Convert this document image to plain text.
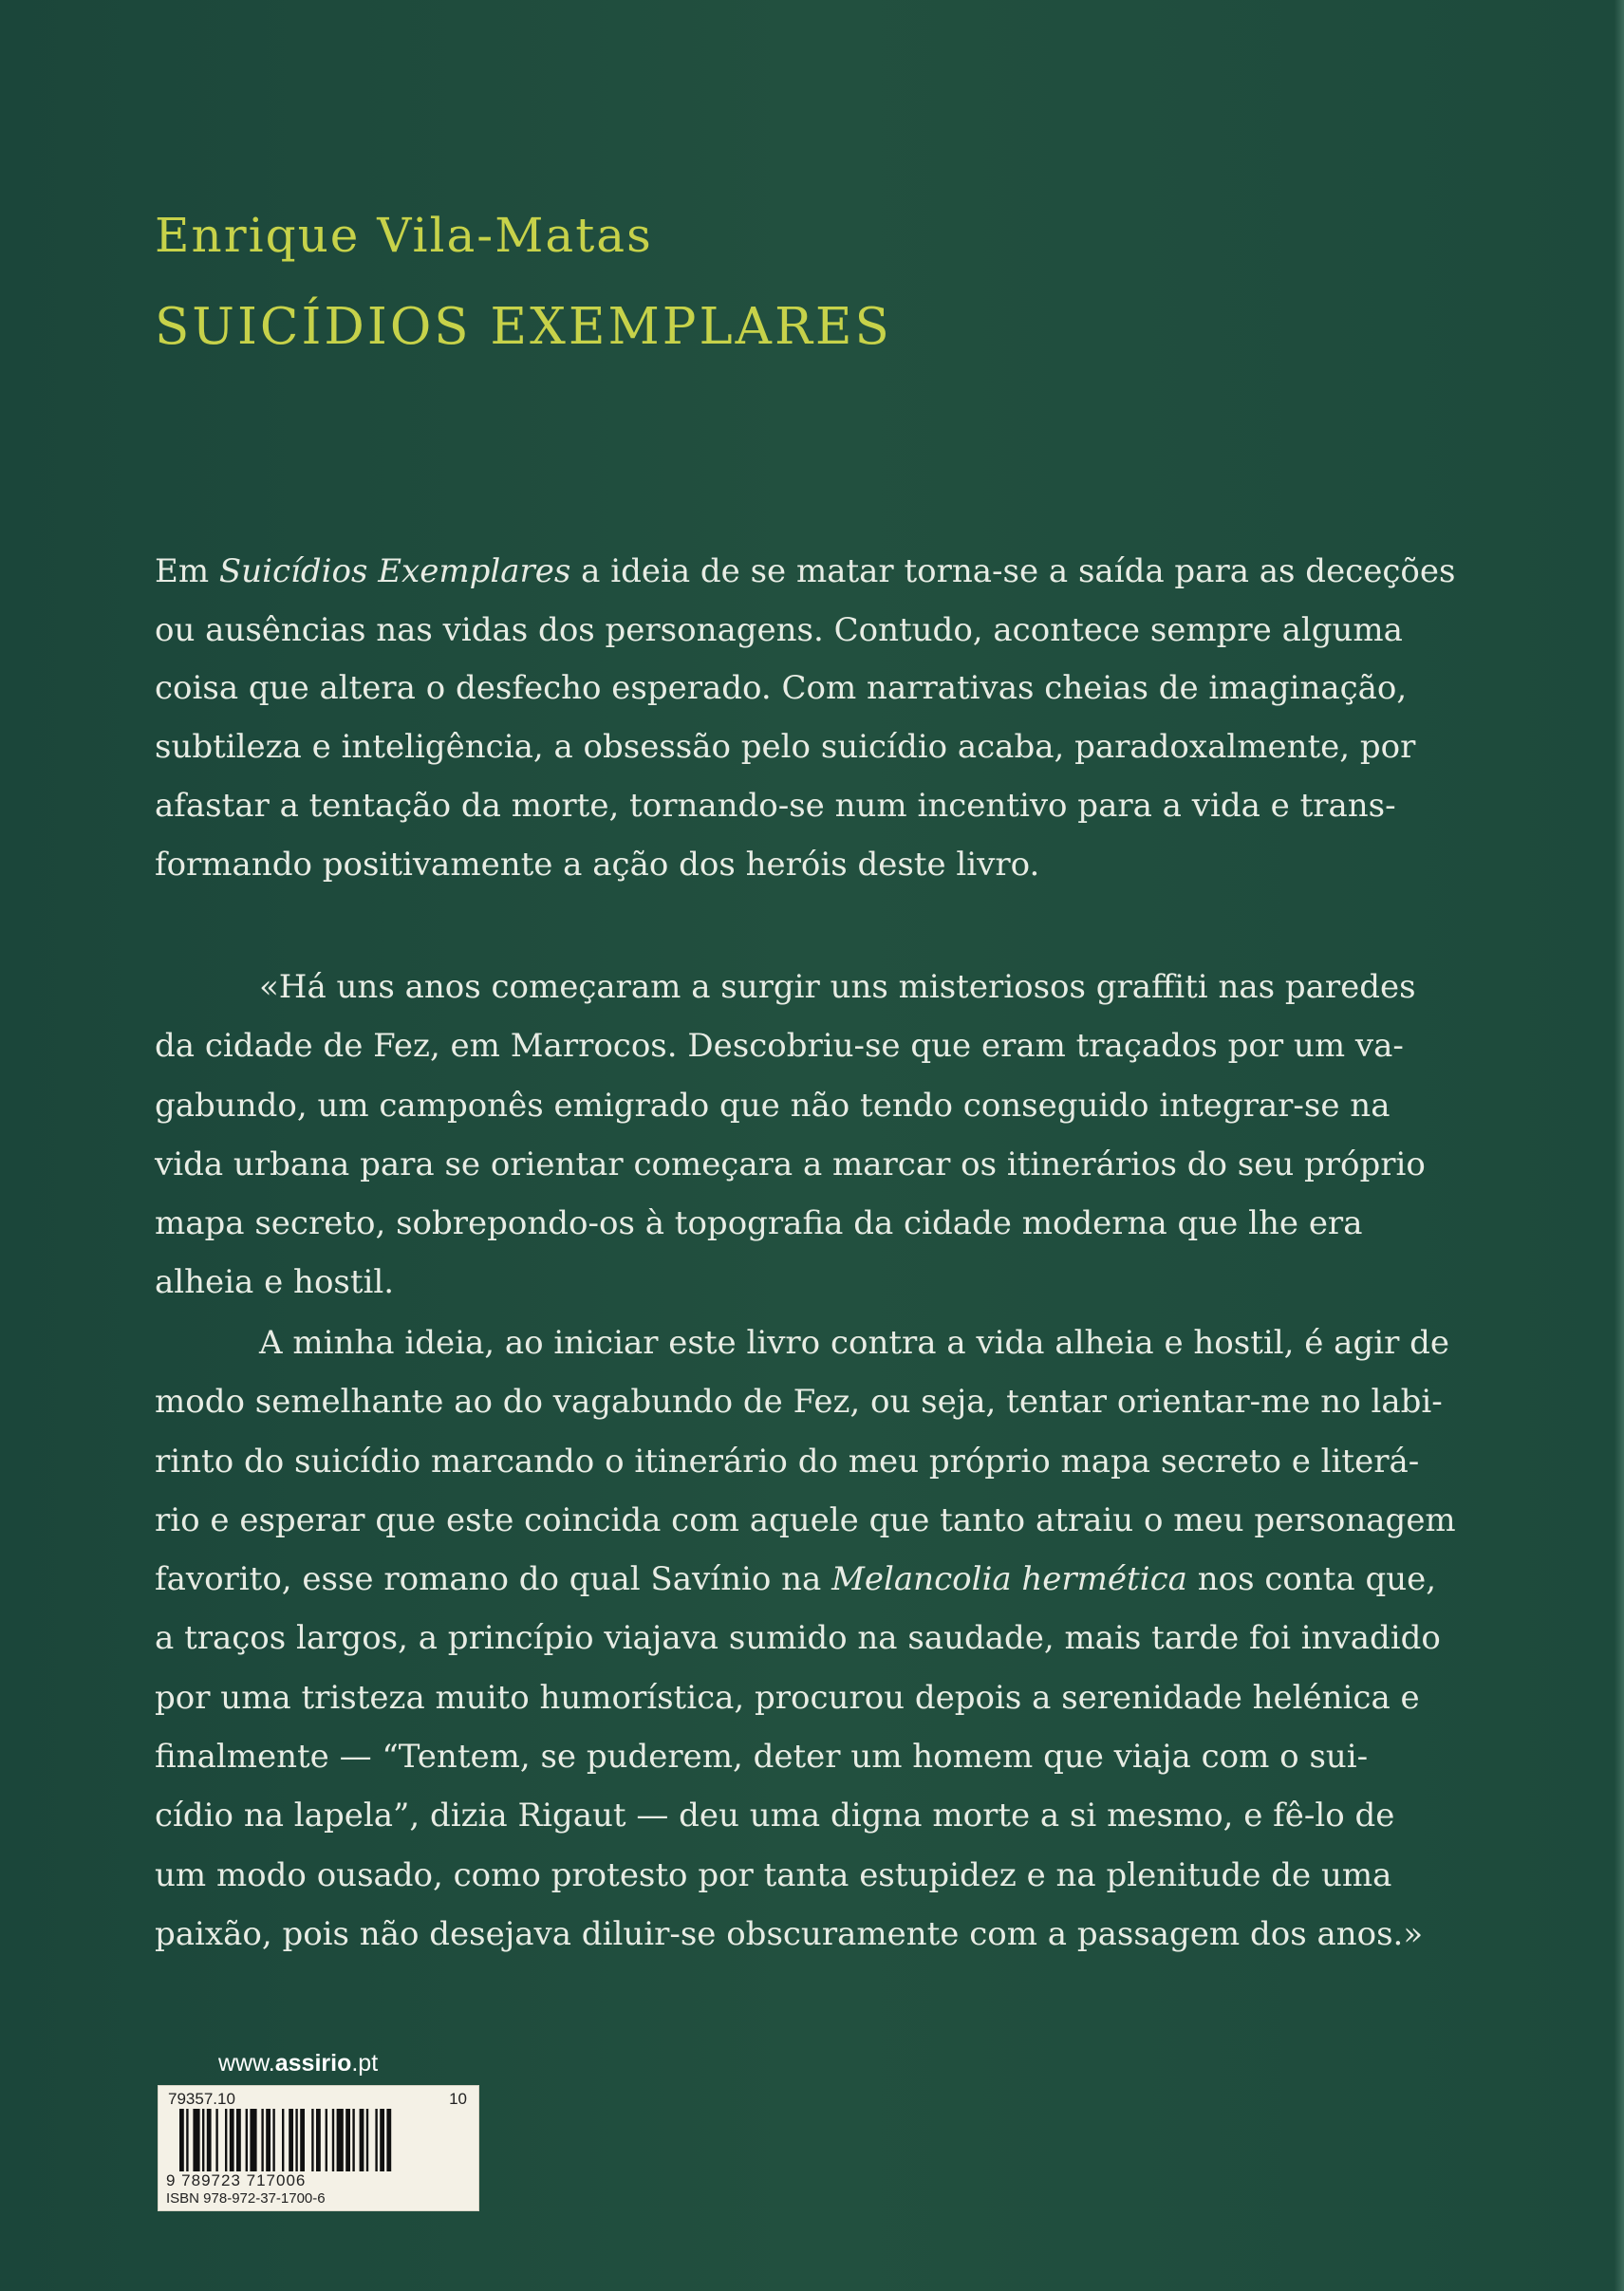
Enrique Vila-Matas
SUICÍDIOS EXEMPLARES
Em Suicídios Exemplares a ideia de se matar torna-se a saída para as deceções
ou ausências nas vidas dos personagens. Contudo, acontece sempre alguma
coisa que altera o desfecho esperado. Com narrativas cheias de imaginação,
subtileza e inteligência, a obsessão pelo suicídio acaba, paradoxalmente, por
afastar a tentação da morte, tornando-se num incentivo para a vida e trans-
formando positivamente a ação dos heróis deste livro.
«Há uns anos começaram a surgir uns misteriosos graffiti nas paredes
da cidade de Fez, em Marrocos. Descobriu-se que eram traçados por um va-
gabundo, um camponês emigrado que não tendo conseguido integrar-se na
vida urbana para se orientar começara a marcar os itinerários do seu próprio
mapa secreto, sobrepondo-os à topografia da cidade moderna que lhe era
alheia e hostil.
A minha ideia, ao iniciar este livro contra a vida alheia e hostil, é agir de
modo semelhante ao do vagabundo de Fez, ou seja, tentar orientar-me no labi-
rinto do suicídio marcando o itinerário do meu próprio mapa secreto e literá-
rio e esperar que este coincida com aquele que tanto atraiu o meu personagem
favorito, esse romano do qual Savínio na Melancolia hermética nos conta que,
a traços largos, a princípio viajava sumido na saudade, mais tarde foi invadido
por uma tristeza muito humorística, procurou depois a serenidade helénica e
finalmente — “Tentem, se puderem, deter um homem que viaja com o sui-
cídio na lapela”, dizia Rigaut — deu uma digna morte a si mesmo, e fê-lo de
um modo ousado, como protesto por tanta estupidez e na plenitude de uma
paixão, pois não desejava diluir-se obscuramente com a passagem dos anos.»
www.assirio.pt
79357.10	10
9 789723 717006
ISBN 978-972-37-1700-6
